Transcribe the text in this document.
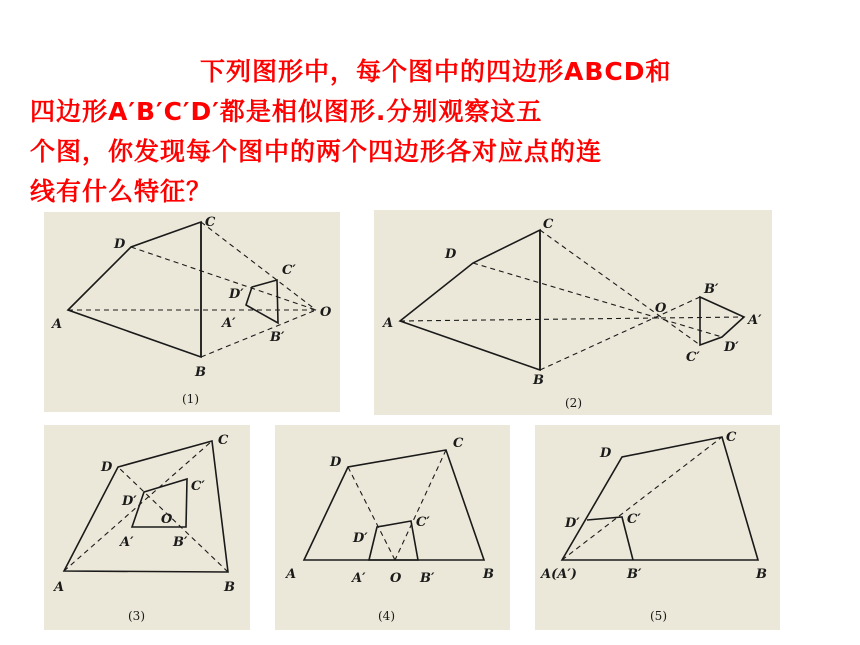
下列图形中，每个图中的四边形ABCD和
四边形A′B′C′D′都是相似图形.分别观察这五
个图，你发现每个图中的两个四边形各对应点的连
线有什么特征？
A
B
C
D
A′
B′
C′
D′
O
(1)
A
B
C
D
A′
B′
C′
D′
O
(2)
A	B
C
D
A′	B′
C′
D′
O
(3)
A	B
C
D
A′	B′
C′
D′
O
(4)
A(A′)	B
C
D
B′
C′
D′
(5)
